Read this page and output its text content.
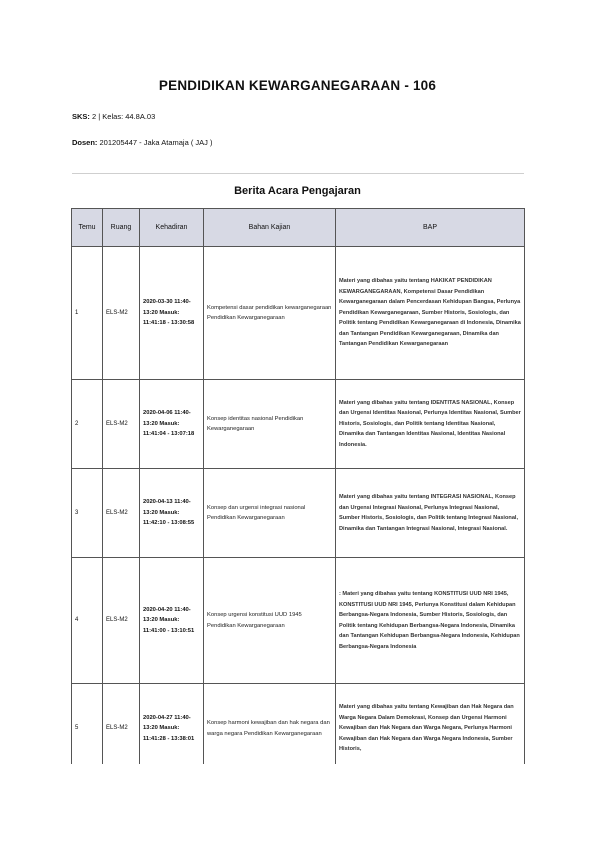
PENDIDIKAN KEWARGANEGARAAN - 106
SKS: 2 | Kelas: 44.8A.03
Dosen: 201205447 - Jaka Atamaja ( JAJ )
Berita Acara Pengajaran
Temu	Ruang	Kehadiran	Bahan Kajian	BAP
1	ELS-M2	2020-03-30 11:40-13:20 Masuk: 11:41:18 - 13:30:58	Kompetensi dasar pendidikan kewarganegaraan Pendidikan Kewarganegaraan	Materi yang dibahas yaitu tentang HAKIKAT PENDIDIKAN KEWARGANEGARAAN, Kompetensi Dasar Pendidikan Kewarganegaraan dalam Pencerdasan Kehidupan Bangsa, Perlunya Pendidikan Kewarganegaraan, Sumber Historis, Sosiologis, dan Politik tentang Pendidikan Kewarganegaraan di Indonesia, Dinamika dan Tantangan Pendidikan Kewarganegaraan, Dinamika dan Tantangan Pendidikan Kewarganegaraan
2	ELS-M2	2020-04-06 11:40-13:20 Masuk: 11:41:04 - 13:07:18	Konsep identitas nasional Pendidikan Kewarganegaraan	Materi yang dibahas yaitu tentang IDENTITAS NASIONAL, Konsep dan Urgensi Identitas Nasional, Perlunya Identitas Nasional, Sumber Historis, Sosiologis, dan Politik tentang Identitas Nasional, Dinamika dan Tantangan Identitas Nasional, Identitas Nasional Indonesia.
3	ELS-M2	2020-04-13 11:40-13:20 Masuk: 11:42:10 - 13:08:55	Konsep dan urgensi integrasi nasional Pendidikan Kewarganegaraan	Materi yang dibahas yaitu tentang INTEGRASI NASIONAL, Konsep dan Urgensi Integrasi Nasional, Perlunya Integrasi Nasional, Sumber Historis, Sosiologis, dan Politik tentang Integrasi Nasional, Dinamika dan Tantangan Integrasi Nasional, Integrasi Nasional.
4	ELS-M2	2020-04-20 11:40-13:20 Masuk: 11:41:00 - 13:10:51	Konsep urgensi konstitusi UUD 1945 Pendidikan Kewarganegaraan	: Materi yang dibahas yaitu tentang KONSTITUSI UUD NRI 1945, KONSTITUSI UUD NRI 1945, Perlunya Konstitusi dalam Kehidupan Berbangsa-Negara Indonesia, Sumber Historis, Sosiologis, dan Politik tentang Kehidupan Berbangsa-Negara Indonesia, Dinamika dan Tantangan Kehidupan Berbangsa-Negara Indonesia, Kehidupan Berbangsa-Negara Indonesia
5	ELS-M2	2020-04-27 11:40-13:20 Masuk: 11:41:28 - 13:38:01	Konsep harmoni kewajiban dan hak negara dan warga negara Pendidikan Kewarganegaraan	Materi yang dibahas yaitu tentang Kewajiban dan Hak Negara dan Warga Negara Dalam Demokrasi, Konsep dan Urgensi Harmoni Kewajiban dan Hak Negara dan Warga Negara, Perlunya Harmoni Kewajiban dan Hak Negara dan Warga Negara Indonesia, Sumber Historis,
